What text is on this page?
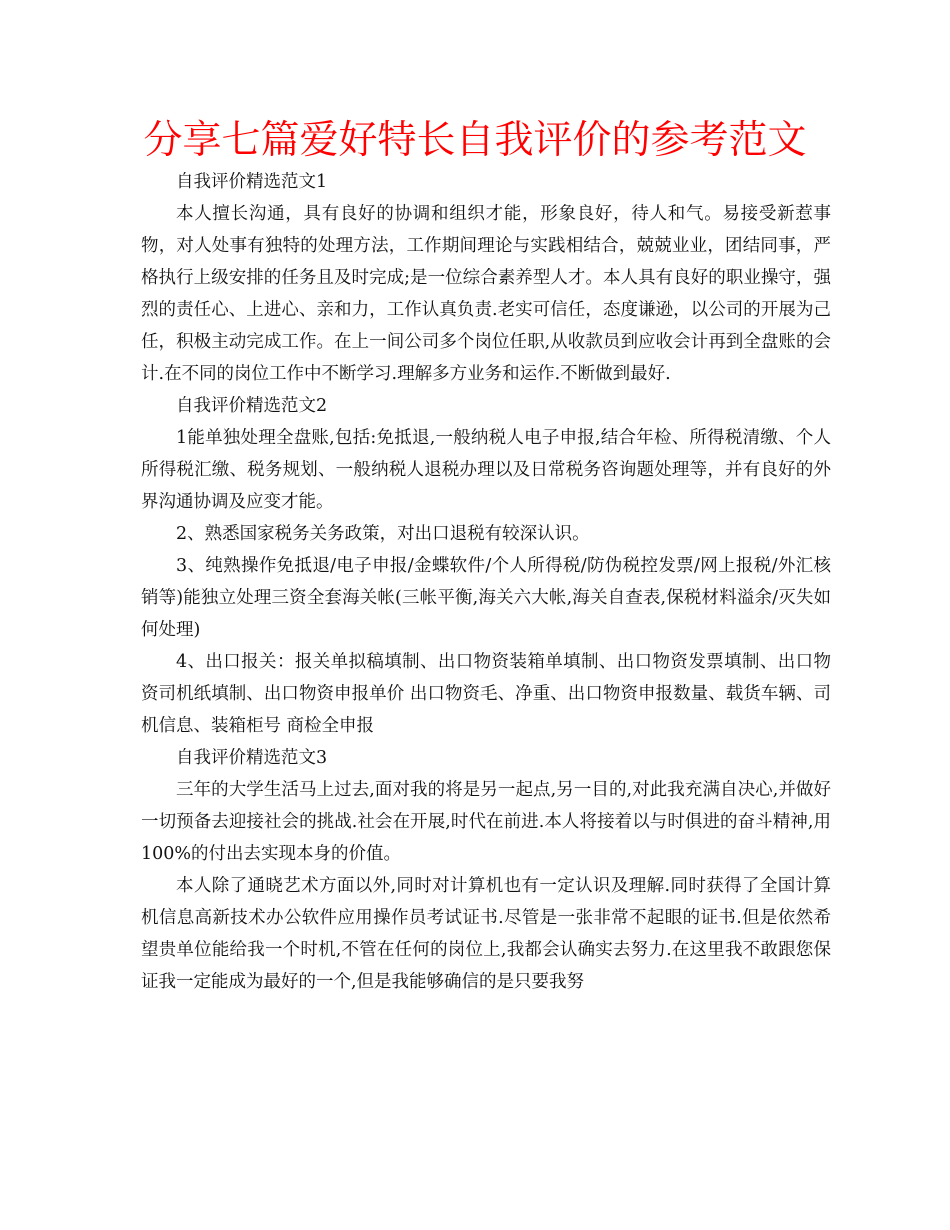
分享七篇爱好特长自我评价的参考范文

自我评价精选范文1

本人擅长沟通，具有良好的协调和组织才能，形象良好，待人和气。易接受新惹事物，对人处事有独特的处理方法，工作期间理论与实践相结合，兢兢业业，团结同事，严格执行上级安排的任务且及时完成;是一位综合素养型人才。本人具有良好的职业操守，强烈的责任心、上进心、亲和力，工作认真负责.老实可信任，态度谦逊，以公司的开展为己任，积极主动完成工作。在上一间公司多个岗位任职,从收款员到应收会计再到全盘账的会计.在不同的岗位工作中不断学习.理解多方业务和运作.不断做到最好.

自我评价精选范文2

1能单独处理全盘账,包括:免抵退,一般纳税人电子申报,结合年检、所得税清缴、个人所得税汇缴、税务规划、一般纳税人退税办理以及日常税务咨询题处理等，并有良好的外界沟通协调及应变才能。

2、熟悉国家税务关务政策，对出口退税有较深认识。

3、纯熟操作免抵退/电子申报/金蝶软件/个人所得税/防伪税控发票/网上报税/外汇核销等)能独立处理三资全套海关帐(三帐平衡,海关六大帐,海关自查表,保税材料溢余/灭失如何处理)

4、出口报关：报关单拟稿填制、出口物资装箱单填制、出口物资发票填制、出口物资司机纸填制、出口物资申报单价 出口物资毛、净重、出口物资申报数量、载货车辆、司机信息、装箱柜号 商检全申报

自我评价精选范文3

三年的大学生活马上过去,面对我的将是另一起点,另一目的,对此我充满自决心,并做好一切预备去迎接社会的挑战.社会在开展,时代在前进.本人将接着以与时俱进的奋斗精神,用100%的付出去实现本身的价值。

本人除了通晓艺术方面以外,同时对计算机也有一定认识及理解.同时获得了全国计算机信息高新技术办公软件应用操作员考试证书.尽管是一张非常不起眼的证书.但是依然希望贵单位能给我一个时机,不管在任何的岗位上,我都会认确实去努力.在这里我不敢跟您保证我一定能成为最好的一个,但是我能够确信的是只要我努
